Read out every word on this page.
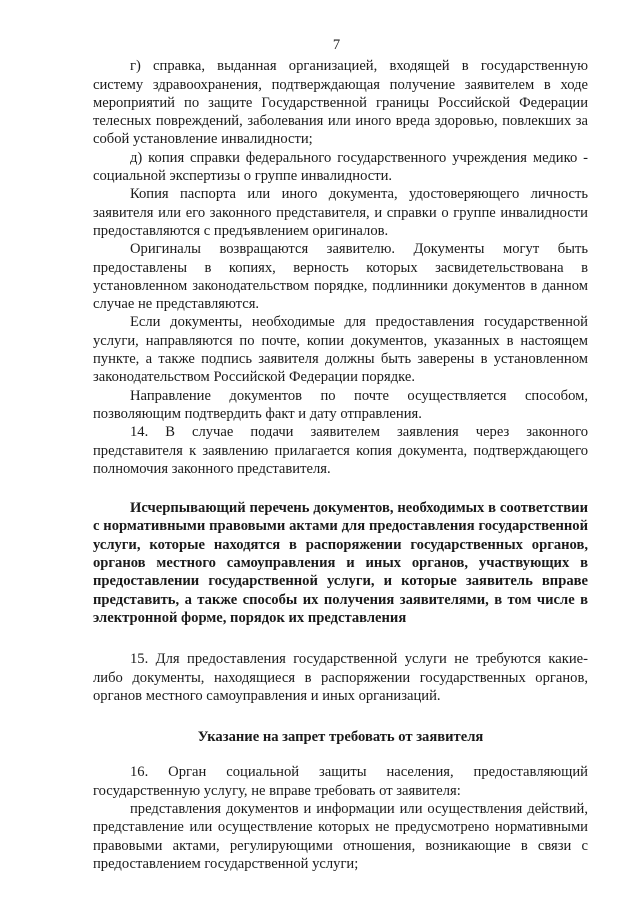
7

г) справка, выданная организацией, входящей в государственную систему здравоохранения, подтверждающая получение заявителем в ходе мероприятий по защите Государственной границы Российской Федерации телесных повреждений, заболевания или иного вреда здоровью, повлекших за собой установление инвалидности;

д) копия справки федерального государственного учреждения медико - социальной экспертизы о группе инвалидности.

Копия паспорта или иного документа, удостоверяющего личность заявителя или его законного представителя, и справки о группе инвалидности предоставляются с предъявлением оригиналов.

Оригиналы возвращаются заявителю. Документы могут быть предоставлены в копиях, верность которых засвидетельствована в установленном законодательством порядке, подлинники документов в данном случае не представляются.

Если документы, необходимые для предоставления государственной услуги, направляются по почте, копии документов, указанных в настоящем пункте, а также подпись заявителя должны быть заверены в установленном законодательством Российской Федерации порядке.

Направление документов по почте осуществляется способом, позволяющим подтвердить факт и дату отправления.

14. В случае подачи заявителем заявления через законного представителя к заявлению прилагается копия документа, подтверждающего полномочия законного представителя.

Исчерпывающий перечень документов, необходимых в соответствии с нормативными правовыми актами для предоставления государственной услуги, которые находятся в распоряжении государственных органов, органов местного самоуправления и иных органов, участвующих в предоставлении государственной услуги, и которые заявитель вправе представить, а также способы их получения заявителями, в том числе в электронной форме, порядок их представления

15. Для предоставления государственной услуги не требуются какие-либо документы, находящиеся в распоряжении государственных органов, органов местного самоуправления и иных организаций.

Указание на запрет требовать от заявителя

16. Орган социальной защиты населения, предоставляющий государственную услугу, не вправе требовать от заявителя:

представления документов и информации или осуществления действий, представление или осуществление которых не предусмотрено нормативными правовыми актами, регулирующими отношения, возникающие в связи с предоставлением государственной услуги;
